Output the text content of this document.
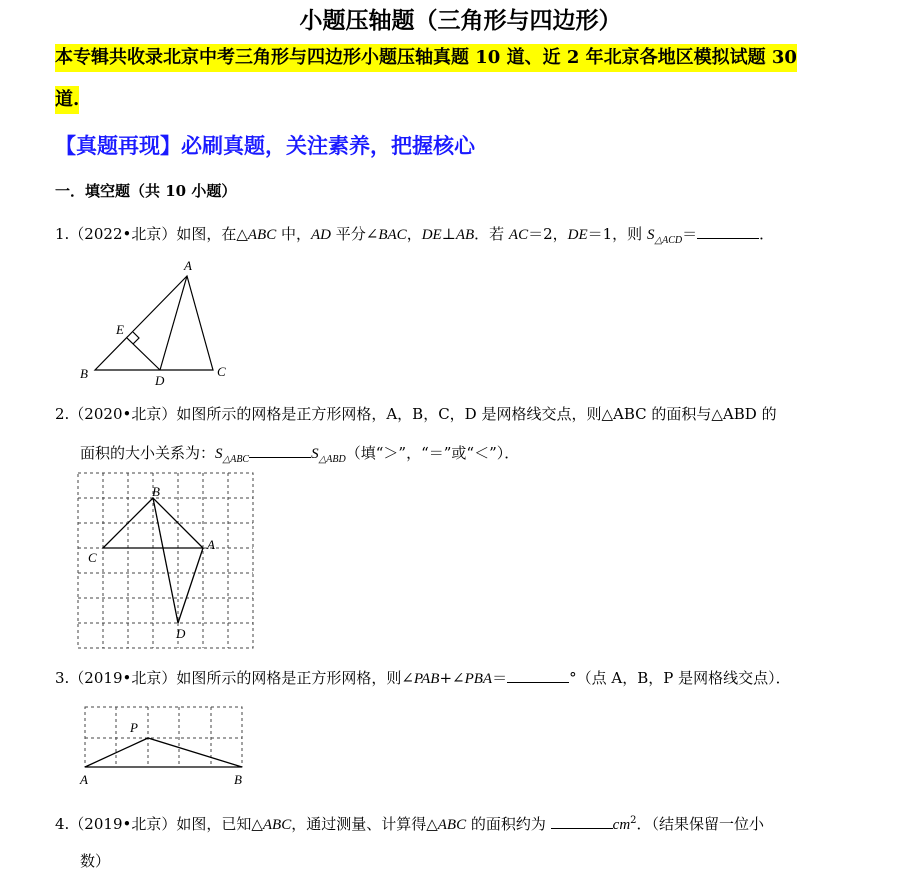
小题压轴题（三角形与四边形）
本专辑共收录北京中考三角形与四边形小题压轴真题 10 道、近 2 年北京各地区模拟试题 30
道.
【真题再现】必刷真题，关注素养，把握核心
一．填空题（共 10 小题）
1.（2022•北京）如图，在△ABC 中，AD 平分∠BAC，DE⊥AB．若 AC＝2，DE＝1，则 $S_{\triangle ACD}=$	．
A
B	C
D
E
B
C
A
D
P
A	B
2.（2020•北京）如图所示的网格是正方形网格，A，B，C，D 是网格线交点，则△ABC 的面积与△ABD 的
面积的大小关系为：$S_{\triangle ABC}$	$S_{\triangle ABD}$（填“＞”，“＝”或“＜”）．
3.（2019•北京）如图所示的网格是正方形网格，则∠PAB+∠PBA＝	°（点 A，B，P 是网格线交点）．
4.（2019•北京）如图，已知△ABC，通过测量、计算得△ABC 的面积约为	$cm^2$．（结果保留一位小
数）
